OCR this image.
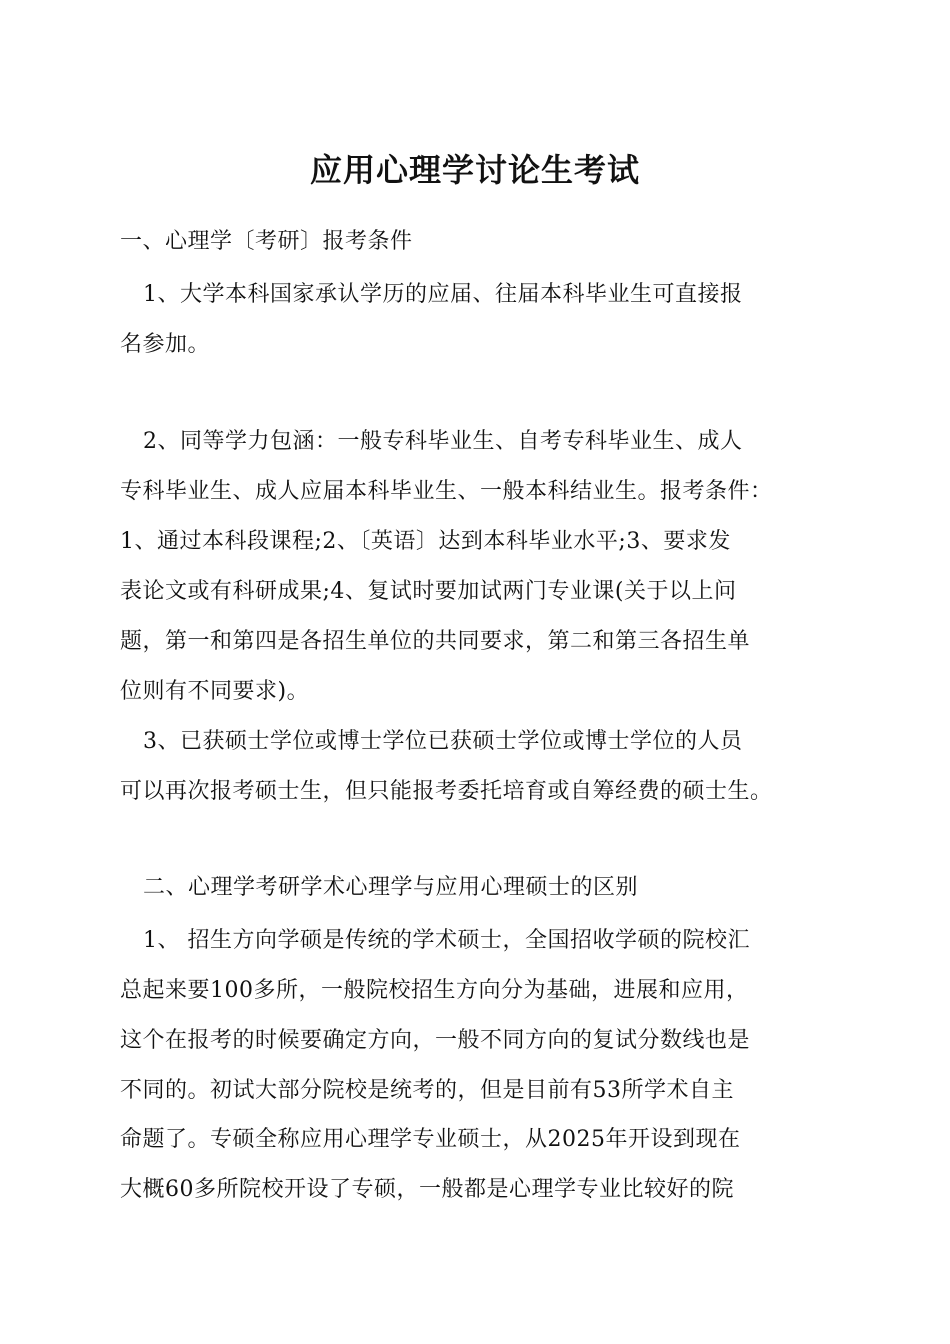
应用心理学讨论生考试
一、心理学〔考研〕报考条件
1、大学本科国家承认学历的应届、往届本科毕业生可直接报
名参加。
2、同等学力包涵：一般专科毕业生、自考专科毕业生、成人
专科毕业生、成人应届本科毕业生、一般本科结业生。报考条件：
1、通过本科段课程;2、〔英语〕达到本科毕业水平;3、要求发
表论文或有科研成果;4、复试时要加试两门专业课(关于以上问
题，第一和第四是各招生单位的共同要求，第二和第三各招生单
位则有不同要求)。
3、已获硕士学位或博士学位已获硕士学位或博士学位的人员
可以再次报考硕士生，但只能报考委托培育或自筹经费的硕士生。
二、心理学考研学术心理学与应用心理硕士的区别
1、 招生方向学硕是传统的学术硕士，全国招收学硕的院校汇
总起来要100多所，一般院校招生方向分为基础，进展和应用，
这个在报考的时候要确定方向，一般不同方向的复试分数线也是
不同的。初试大部分院校是统考的，但是目前有53所学术自主
命题了。专硕全称应用心理学专业硕士，从2025年开设到现在
大概60多所院校开设了专硕，一般都是心理学专业比较好的院
